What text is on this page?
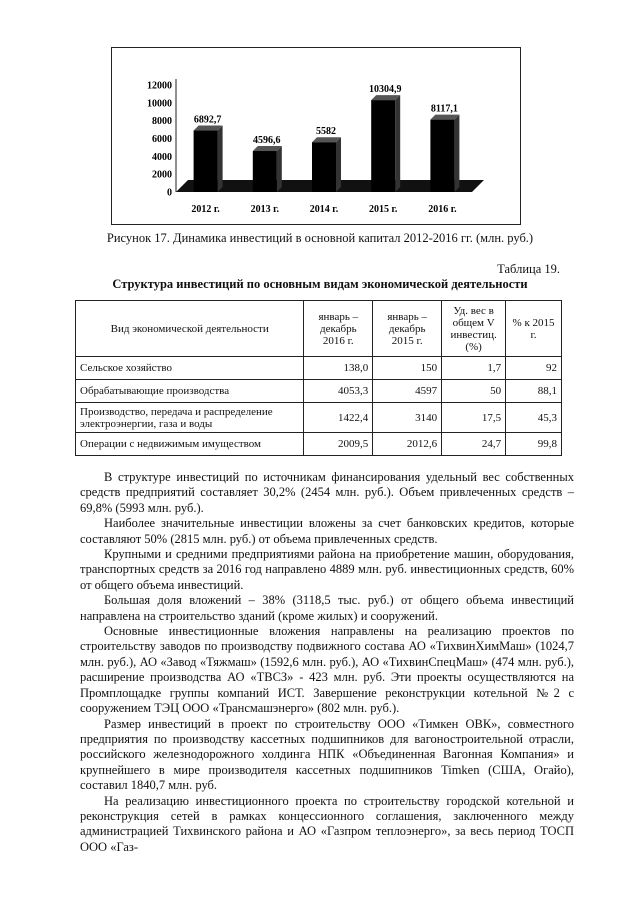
0
2000
4000
6000
8000
10000
12000
6892,7
2012 г.
4596,6
2013 г.
5582
2014 г.
10304,9
2015 г.
8117,1
2016 г.
Рисунок 17. Динамика инвестиций в основной капитал 2012-2016 гг. (млн. руб.)
Таблица 19.
Структура инвестиций по основным видам экономической деятельности
Вид экономической деятельности	январь – декабрь 2016 г.	январь – декабрь 2015 г.	Уд. вес в общем V инвестиц. (%)	% к 2015 г.
Сельское хозяйство	138,0	150	1,7	92
Обрабатывающие производства	4053,3	4597	50	88,1
Производство, передача и распределение электроэнергии, газа и воды	1422,4	3140	17,5	45,3
Операции с недвижимым имуществом	2009,5	2012,6	24,7	99,8

В структуре инвестиций по источникам финансирования удельный вес собственных средств предприятий составляет 30,2% (2454 млн. руб.). Объем привлеченных средств – 69,8% (5993 млн. руб.).

Наиболее значительные инвестиции вложены за счет банковских кредитов, которые составляют 50% (2815 млн. руб.) от объема привлеченных средств.

Крупными и средними предприятиями района на приобретение машин, оборудования, транспортных средств за 2016 год направлено 4889 млн. руб. инвестиционных средств, 60% от общего объема инвестиций.

Большая доля вложений – 38% (3118,5 тыс. руб.) от общего объема инвестиций направлена на строительство зданий (кроме жилых) и сооружений.

Основные инвестиционные вложения направлены на реализацию проектов по строительству заводов по производству подвижного состава АО «ТихвинХимМаш» (1024,7 млн. руб.), АО «Завод «Тяжмаш» (1592,6 млн. руб.), АО «ТихвинСпецМаш» (474 млн. руб.), расширение производства АО «ТВСЗ» - 423 млн. руб. Эти проекты осуществляются на Промплощадке группы компаний ИСТ. Завершение реконструкции котельной №2 с сооружением ТЭЦ ООО «Трансмашэнерго» (802 млн. руб.).

Размер инвестиций в проект по строительству ООО «Тимкен ОВК», совместного предприятия по производству кассетных подшипников для вагоностроительной отрасли, российского железнодорожного холдинга НПК «Объединенная Вагонная Компания» и крупнейшего в мире производителя кассетных подшипников Timken (США, Огайо), составил 1840,7 млн. руб.

На реализацию инвестиционного проекта по строительству городской котельной и реконструкция сетей в рамках концессионного соглашения, заключенного между администрацией Тихвинского района и АО «Газпром теплоэнерго», за весь период ТОСП ООО «Газ-
